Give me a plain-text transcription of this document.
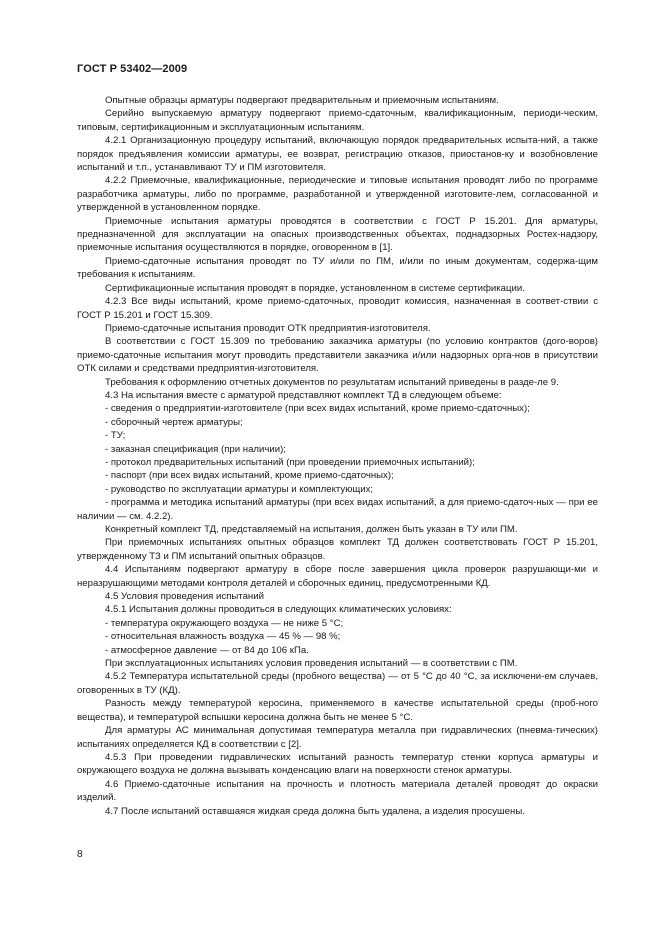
ГОСТ Р 53402—2009

Опытные образцы арматуры подвергают предварительным и приемочным испытаниям.

Серийно выпускаемую арматуру подвергают приемо-сдаточным, квалификационным, периоди-ческим, типовым, сертификационным и эксплуатационным испытаниям.

4.2.1 Организационную процедуру испытаний, включающую порядок предварительных испыта-ний, а также порядок предъявления комиссии арматуры, ее возврат, регистрацию отказов, приостанов-ку и возобновление испытаний и т.п., устанавливают ТУ и ПМ изготовителя.

4.2.2 Приемочные, квалификационные, периодические и типовые испытания проводят либо по программе разработчика арматуры, либо по программе, разработанной и утвержденной изготовите-лем, согласованной и утвержденной в установленном порядке.

Приемочные испытания арматуры проводятся в соответствии с ГОСТ Р 15.201. Для арматуры, предназначенной для эксплуатации на опасных производственных объектах, поднадзорных Ростех-надзору, приемочные испытания осуществляются в порядке, оговоренном в [1].

Приемо-сдаточные испытания проводят по ТУ и/или по ПМ, и/или по иным документам, содержа-щим требования к испытаниям.

Сертификационные испытания проводят в порядке, установленном в системе сертификации.

4.2.3 Все виды испытаний, кроме приемо-сдаточных, проводит комиссия, назначенная в соответ-ствии с ГОСТ Р 15.201 и ГОСТ 15.309.

Приемо-сдаточные испытания проводит ОТК предприятия-изготовителя.

В соответствии с ГОСТ 15.309 по требованию заказчика арматуры (по условию контрактов (дого-воров) приемо-сдаточные испытания могут проводить представители заказчика и/или надзорных орга-нов в присутствии ОТК силами и средствами предприятия-изготовителя.

Требования к оформлению отчетных документов по результатам испытаний приведены в разде-ле 9.

4.3 На испытания вместе с арматурой представляют комплект ТД в следующем объеме:

- сведения о предприятии-изготовителе (при всех видах испытаний, кроме приемо-сдаточных);

- сборочный чертеж арматуры;

- ТУ;

- заказная спецификация (при наличии);

- протокол предварительных испытаний (при проведении приемочных испытаний);

- паспорт (при всех видах испытаний, кроме приемо-сдаточных);

- руководство по эксплуатации арматуры и комплектующих;

- программа и методика испытаний арматуры (при всех видах испытаний, а для приемо-сдаточ-ных — при ее наличии — см. 4.2.2).

Конкретный комплект ТД, представляемый на испытания, должен быть указан в ТУ или ПМ.

При приемочных испытаниях опытных образцов комплект ТД должен соответствовать ГОСТ Р 15.201, утвержденному ТЗ и ПМ испытаний опытных образцов.

4.4 Испытаниям подвергают арматуру в сборе после завершения цикла проверок разрушающи-ми и неразрушающими методами контроля деталей и сборочных единиц, предусмотренными КД.

4.5 Условия проведения испытаний

4.5.1 Испытания должны проводиться в следующих климатических условиях:

- температура окружающего воздуха — не ниже 5 °С;

- относительная влажность воздуха — 45 % — 98 %;

- атмосферное давление — от 84 до 106 кПа.

При эксплуатационных испытаниях условия проведения испытаний — в соответствии с ПМ.

4.5.2 Температура испытательной среды (пробного вещества) — от 5 °С до 40 °С, за исключени-ем случаев, оговоренных в ТУ (КД).

Разность между температурой керосина, применяемого в качестве испытательной среды (проб-ного вещества), и температурой вспышки керосина должна быть не менее 5 °С.

Для арматуры АС минимальная допустимая температура металла при гидравлических (пневма-тических) испытаниях определяется КД в соответствии с [2].

4.5.3 При проведении гидравлических испытаний разность температур стенки корпуса арматуры и окружающего воздуха не должна вызывать конденсацию влаги на поверхности стенок арматуры.

4.6 Приемо-сдаточные испытания на прочность и плотность материала деталей проводят до окраски изделий.

4.7 После испытаний оставшаяся жидкая среда должна быть удалена, а изделия просушены.

8
